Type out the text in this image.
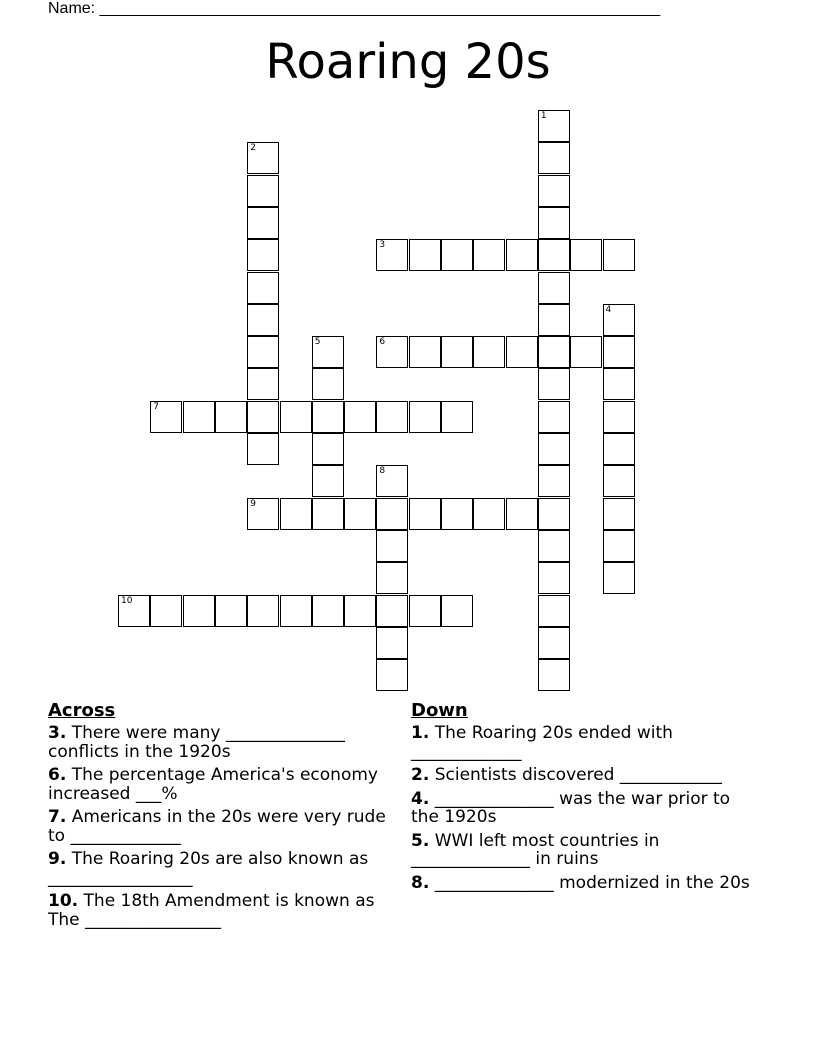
Name: _______________________________________________________________

Roaring 20s
1
2
3
4
5	6
7
8
9
10
Across
3. There were many ______________ conflicts in the 1920s
6. The percentage America's economy increased ___%
7. Americans in the 20s were very rude to _____________
9. The Roaring 20s are also known as _________________
10. The 18th Amendment is known as The ________________
Down
1. The Roaring 20s ended with _____________
2. Scientists discovered ____________
4. ______________ was the war prior to the 1920s
5. WWI left most countries in ______________ in ruins
8. ______________ modernized in the 20s
